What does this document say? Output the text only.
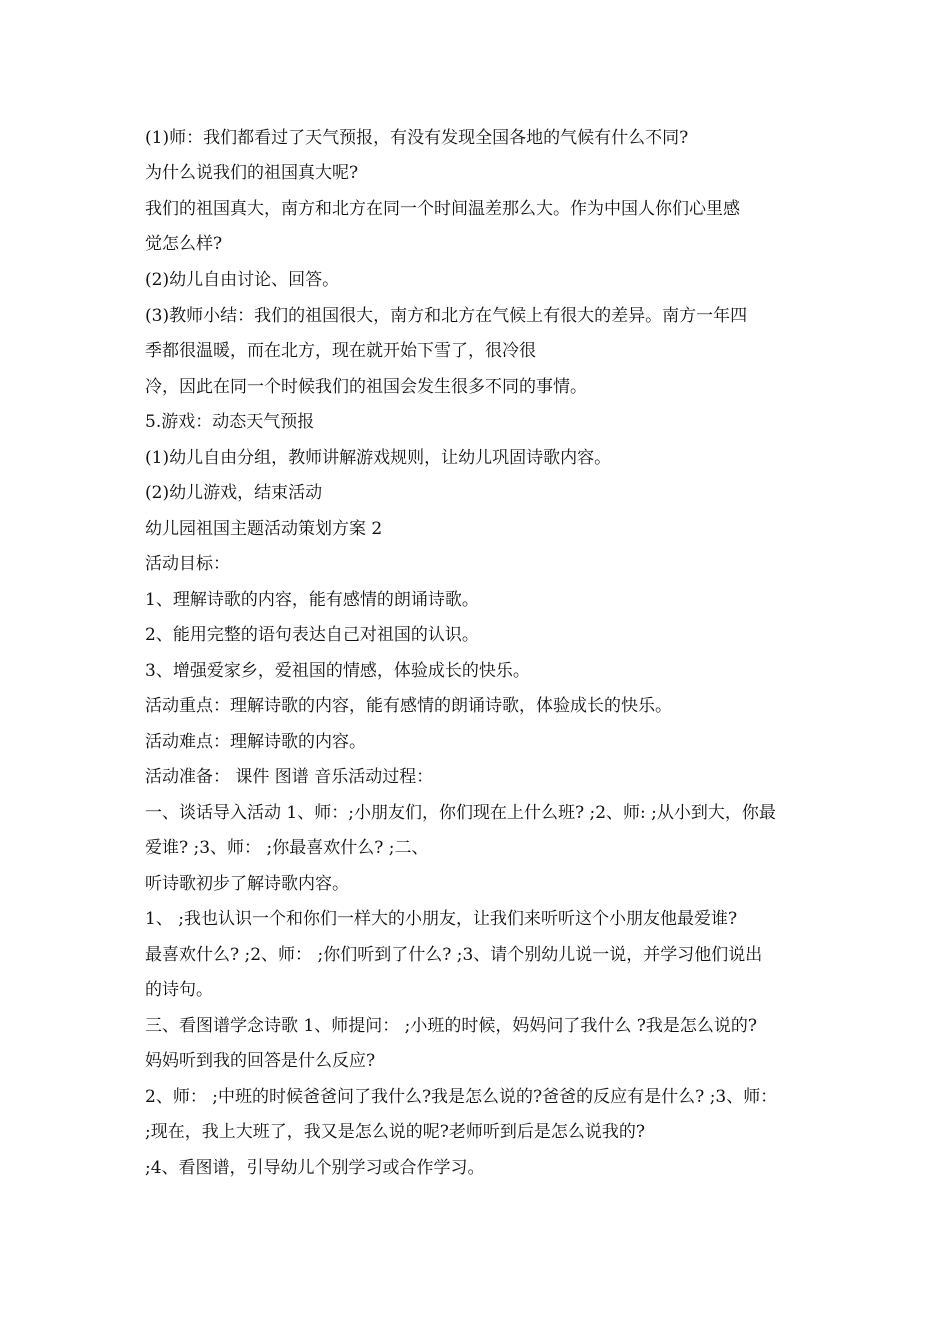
(1)师：我们都看过了天气预报，有没有发现全国各地的气候有什么不同?
为什么说我们的祖国真大呢?
我们的祖国真大，南方和北方在同一个时间温差那么大。作为中国人你们心里感
觉怎么样?
(2)幼儿自由讨论、回答。
(3)教师小结：我们的祖国很大，南方和北方在气候上有很大的差异。南方一年四
季都很温暖，而在北方，现在就开始下雪了，很冷很
冷，因此在同一个时候我们的祖国会发生很多不同的事情。
5.游戏：动态天气预报
(1)幼儿自由分组，教师讲解游戏规则，让幼儿巩固诗歌内容。
(2)幼儿游戏，结束活动
幼儿园祖国主题活动策划方案 2
活动目标：
1、理解诗歌的内容，能有感情的朗诵诗歌。
2、能用完整的语句表达自己对祖国的认识。
3、增强爱家乡，爱祖国的情感，体验成长的快乐。
活动重点：理解诗歌的内容，能有感情的朗诵诗歌，体验成长的快乐。
活动难点：理解诗歌的内容。
活动准备： 课件 图谱 音乐活动过程：
一、谈话导入活动 1、师：;小朋友们，你们现在上什么班? ;2、师: ;从小到大，你最
爱谁? ;3、师： ;你最喜欢什么? ;二、
听诗歌初步了解诗歌内容。
1、 ;我也认识一个和你们一样大的小朋友，让我们来听听这个小朋友他最爱谁?
最喜欢什么? ;2、师： ;你们听到了什么? ;3、请个别幼儿说一说，并学习他们说出
的诗句。
三、看图谱学念诗歌 1、师提问： ;小班的时候，妈妈问了我什么 ?我是怎么说的?
妈妈听到我的回答是什么反应?
2、师： ;中班的时候爸爸问了我什么?我是怎么说的?爸爸的反应有是什么? ;3、师：
;现在，我上大班了，我又是怎么说的呢?老师听到后是怎么说我的?
;4、看图谱，引导幼儿个别学习或合作学习。
